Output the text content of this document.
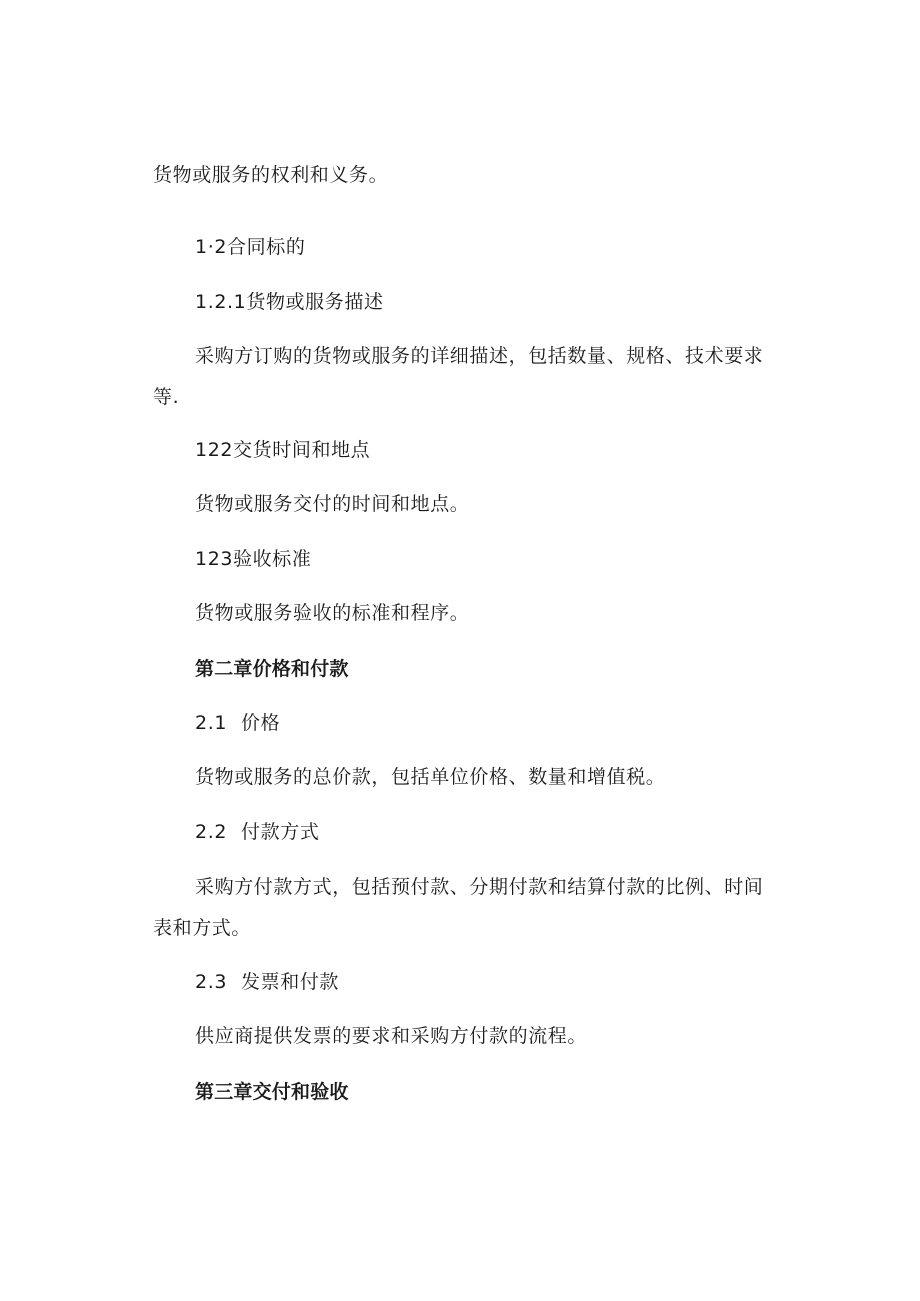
货物或服务的权利和义务。
1·2合同标的
1.2.1货物或服务描述
采购方订购的货物或服务的详细描述，包括数量、规格、技术要求
等.
122交货时间和地点
货物或服务交付的时间和地点。
123验收标准
货物或服务验收的标准和程序。
第二章价格和付款
2.1 价格
货物或服务的总价款，包括单位价格、数量和增值税。
2.2 付款方式
采购方付款方式，包括预付款、分期付款和结算付款的比例、时间
表和方式。
2.3 发票和付款
供应商提供发票的要求和采购方付款的流程。
第三章交付和验收
